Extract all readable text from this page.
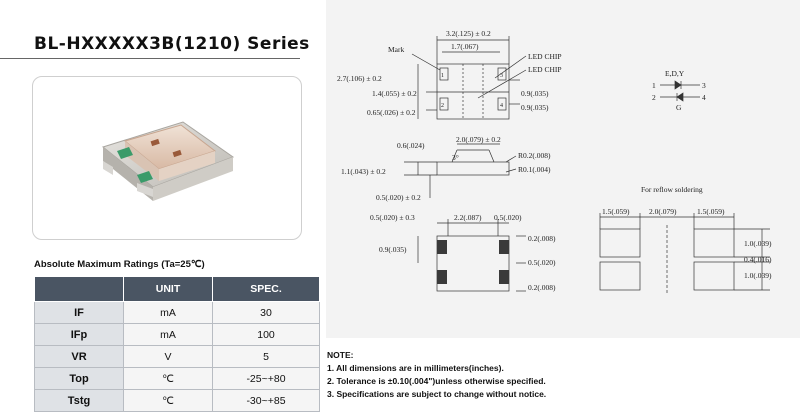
BL-HXXXXX3B(1210) Series
Absolute Maximum Ratings (Ta=25℃)
	UNIT	SPEC.
IF	mA	30
IFp	mA	100
VR	V	5
Top	℃	-25~+80
Tstg	℃	-30~+85
3.2(.125) ± 0.2
1.7(.067)
Mark
LED CHIP
LED CHIP
2.7(.106) ± 0.2
1.4(.055) ± 0.2
0.65(.026) ± 0.2
0.9(.035)
0.9(.035)
1
2
3
4
E,D,Y
G
1
2
3
4
2.0(.079) ± 0.2
0.6(.024)
3°	R0.2(.008)
R0.1(.004)
1.1(.043) ± 0.2
0.5(.020) ± 0.2
0.5(.020) ± 0.3	2.2(.087) 0.5(.020)
0.9(.035)
0.2(.008)
0.5(.020)
0.2(.008)
For reflow soldering
1.5(.059)	2.0(.079)	1.5(.059)
1.0(.039)
0.4(.016)
1.0(.039)
NOTE:
1. All dimensions are in millimeters(inches).
2. Tolerance is ±0.10(.004")unless otherwise specified.
3. Specifications are subject to change without notice.
